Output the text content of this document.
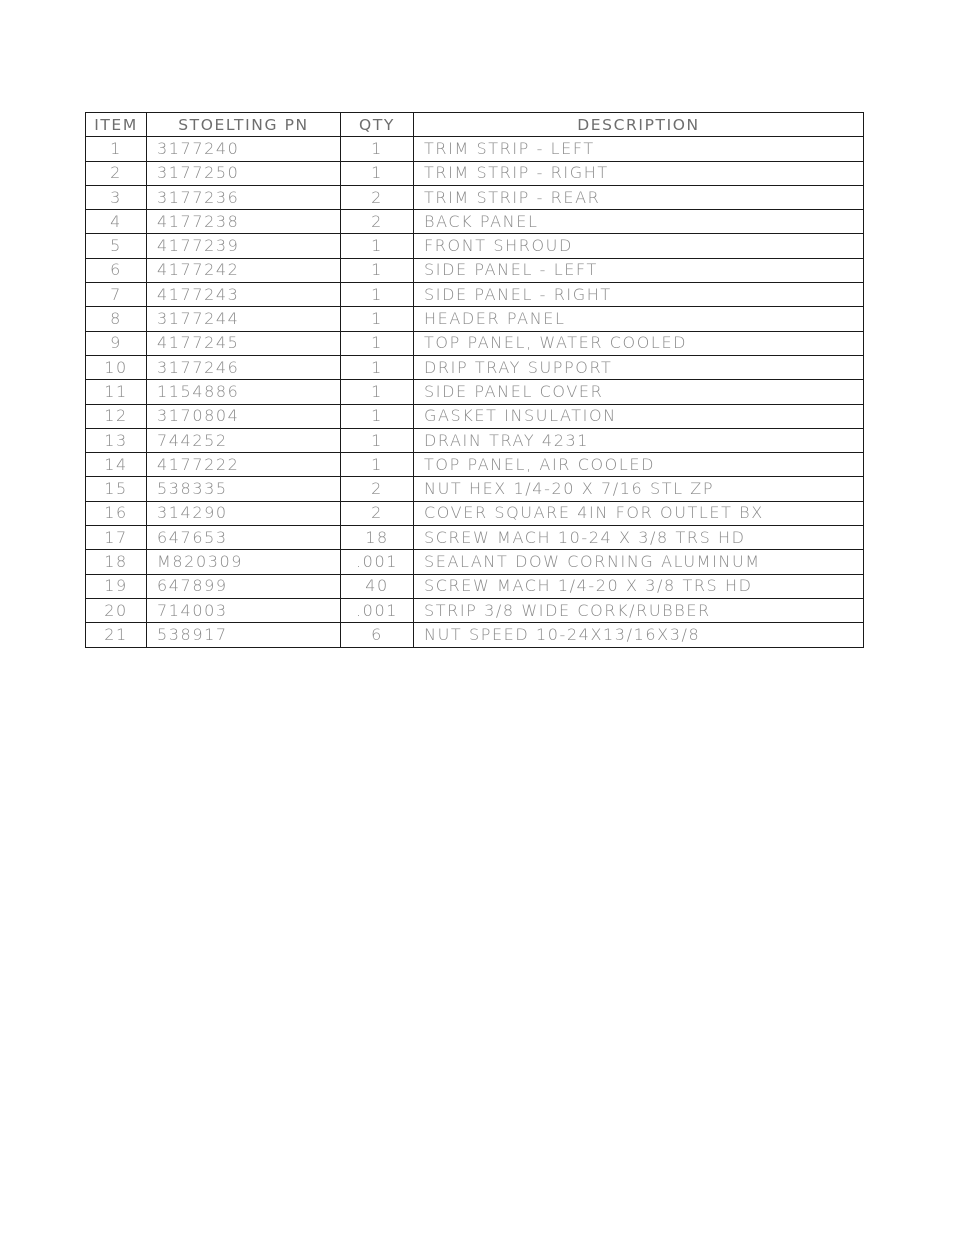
ITEM	STOELTING PN	QTY	DESCRIPTION
1	3177240	1	TRIM STRIP - LEFT
2	3177250	1	TRIM STRIP - RIGHT
3	3177236	2	TRIM STRIP - REAR
4	4177238	2	BACK PANEL
5	4177239	1	FRONT SHROUD
6	4177242	1	SIDE PANEL - LEFT
7	4177243	1	SIDE PANEL - RIGHT
8	3177244	1	HEADER PANEL
9	4177245	1	TOP PANEL, WATER COOLED
10	3177246	1	DRIP TRAY SUPPORT
11	1154886	1	SIDE PANEL COVER
12	3170804	1	GASKET INSULATION
13	744252	1	DRAIN TRAY 4231
14	4177222	1	TOP PANEL, AIR COOLED
15	538335	2	NUT HEX 1/4-20 X 7/16 STL ZP
16	314290	2	COVER SQUARE 4IN FOR OUTLET BX
17	647653	18	SCREW MACH 10-24 X 3/8 TRS HD
18	M820309	.001	SEALANT DOW CORNING ALUMINUM
19	647899	40	SCREW MACH 1/4-20 X 3/8 TRS HD
20	714003	.001	STRIP 3/8 WIDE CORK/RUBBER
21	538917	6	NUT SPEED 10-24X13/16X3/8
